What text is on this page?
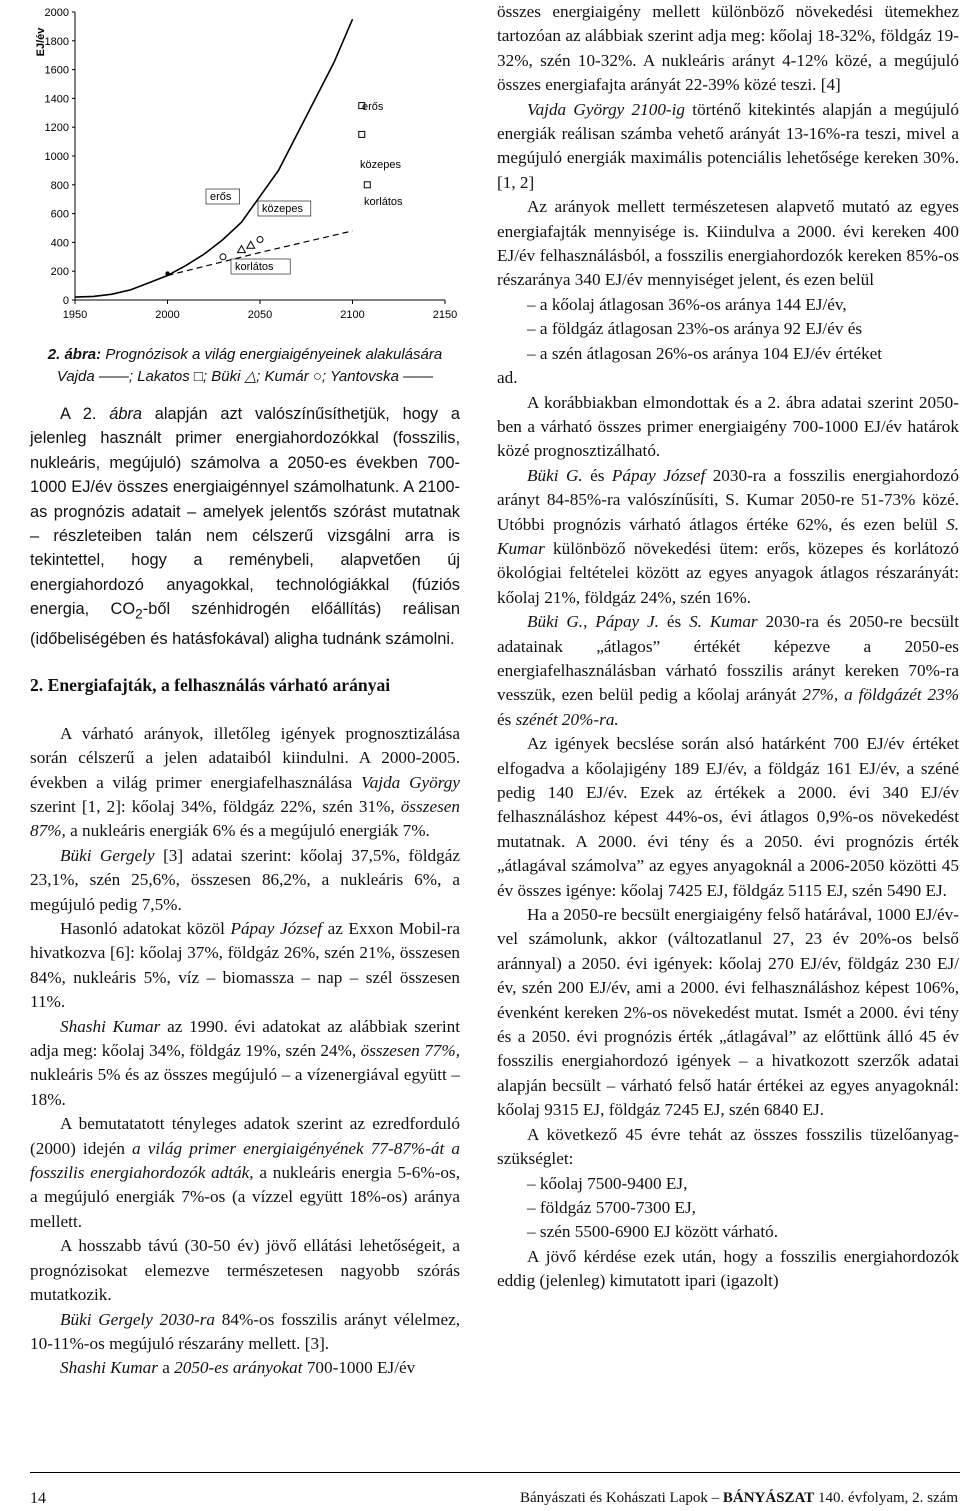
0
200
400
600
800
1000
1200
1400
1600
1800
2000
1950	2000	2050	2100	2150
EJ/év
erős
közepes
korlátos
erős
közepes
korlátos
2. ábra: Prognózisok a világ energiaigényeinek alakulására
Vajda ——; Lakatos □; Büki △; Kumár ○; Yantovska ——

A 2. ábra alapján azt valószínűsíthetjük, hogy a jelenleg használt primer energiahordozókkal (fosszilis, nukleáris, megújuló) számolva a 2050-es években 700-1000 EJ/év összes energiaigénnyel számolhatunk. A 2100-as prognózis adatait – amelyek jelentős szórást mutatnak – részleteiben talán nem célszerű vizsgálni arra is tekintettel, hogy a reménybeli, alapvetően új energiahordozó anyagokkal, technológiákkal (fúziós energia, $CO_2$-ből szénhidrogén előállítás) reálisan (időbeliségében és hatásfokával) aligha tudnánk számolni.

2. Energiafajták, a felhasználás várható arányai

A várható arányok, illetőleg igények prognosztizálása során célszerű a jelen adataiból kiindulni. A 2000-2005. években a világ primer energiafelhasználása Vajda György szerint [1, 2]: kőolaj 34%, földgáz 22%, szén 31%, összesen 87%, a nukleáris energiák 6% és a megújuló energiák 7%.

Büki Gergely [3] adatai szerint: kőolaj 37,5%, földgáz 23,1%, szén 25,6%, összesen 86,2%, a nukleáris 6%, a megújuló pedig 7,5%.

Hasonló adatokat közöl Pápay József az Exxon Mobil-ra hivatkozva [6]: kőolaj 37%, földgáz 26%, szén 21%, összesen 84%, nukleáris 5%, víz – biomassza – nap – szél összesen 11%.

Shashi Kumar az 1990. évi adatokat az alábbiak szerint adja meg: kőolaj 34%, földgáz 19%, szén 24%, összesen 77%, nukleáris 5% és az összes megújuló – a vízenergiával együtt – 18%.

A bemutatatott tényleges adatok szerint az ezredforduló (2000) idején a világ primer energiaigényének 77-87%-át a fosszilis energiahordozók adták, a nukleáris energia 5-6%-os, a megújuló energiák 7%-os (a vízzel együtt 18%-os) aránya mellett.

A hosszabb távú (30-50 év) jövő ellátási lehetőségeit, a prognózisokat elemezve természetesen nagyobb szórás mutatkozik.

Büki Gergely 2030-ra 84%-os fosszilis arányt vélelmez, 10-11%-os megújuló részarány mellett. [3].

Shashi Kumar a 2050-es arányokat 700-1000 EJ/év

összes energiaigény mellett különböző növekedési ütemekhez tartozóan az alábbiak szerint adja meg: kőolaj 18-32%, földgáz 19-32%, szén 10-32%. A nukleáris arányt 4-12% közé, a megújuló összes energiafajta arányát 22-39% közé teszi. [4]

Vajda György 2100-ig történő kitekintés alapján a megújuló energiák reálisan számba vehető arányát 13-16%-ra teszi, mivel a megújuló energiák maximális potenciális lehetősége kereken 30%. [1, 2]

Az arányok mellett természetesen alapvető mutató az egyes energiafajták mennyisége is. Kiindulva a 2000. évi kereken 400 EJ/év felhasználásból, a fosszilis energiahordozók kereken 85%-os részaránya 340 EJ/év mennyiséget jelent, és ezen belül

– a kőolaj átlagosan 36%-os aránya 144 EJ/év,

– a földgáz átlagosan 23%-os aránya 92 EJ/év és

– a szén átlagosan 26%-os aránya 104 EJ/év értéket

ad.

A korábbiakban elmondottak és a 2. ábra adatai szerint 2050-ben a várható összes primer energiaigény 700-1000 EJ/év határok közé prognosztizálható.

Büki G. és Pápay József 2030-ra a fosszilis energiahordozó arányt 84-85%-ra valószínűsíti, S. Kumar 2050-re 51-73% közé. Utóbbi prognózis várható átlagos értéke 62%, és ezen belül S. Kumar különböző növekedési ütem: erős, közepes és korlátozó ökológiai feltételei között az egyes anyagok átlagos részarányát: kőolaj 21%, földgáz 24%, szén 16%.

Büki G., Pápay J. és S. Kumar 2030-ra és 2050-re becsült adatainak „átlagos” értékét képezve a 2050-es energiafelhasználásban várható fosszilis arányt kereken 70%-ra vesszük, ezen belül pedig a kőolaj arányát 27%, a földgázét 23% és szénét 20%-ra.

Az igények becslése során alsó határként 700 EJ/év értéket elfogadva a kőolajigény 189 EJ/év, a földgáz 161 EJ/év, a széné pedig 140 EJ/év. Ezek az értékek a 2000. évi 340 EJ/év felhasználáshoz képest 44%-os, évi átlagos 0,9%-os növekedést mutatnak. A 2000. évi tény és a 2050. évi prognózis érték „átlagával számolva” az egyes anyagoknál a 2006-2050 közötti 45 év összes igénye: kőolaj 7425 EJ, földgáz 5115 EJ, szén 5490 EJ.

Ha a 2050-re becsült energiaigény felső határával, 1000 EJ/év-vel számolunk, akkor (változatlanul 27, 23 év 20%-os belső aránnyal) a 2050. évi igények: kőolaj 270 EJ/év, földgáz 230 EJ/év, szén 200 EJ/év, ami a 2000. évi felhasználáshoz képest 106%, évenként kereken 2%-os növekedést mutat. Ismét a 2000. évi tény és a 2050. évi prognózis érték „átlagával” az előttünk álló 45 év fosszilis energiahordozó igények – a hivatkozott szerzők adatai alapján becsült – várható felső határ értékei az egyes anyagoknál: kőolaj 9315 EJ, földgáz 7245 EJ, szén 6840 EJ.

A következő 45 évre tehát az összes fosszilis tüzelőanyag-szükséglet:

– kőolaj 7500-9400 EJ,

– földgáz 5700-7300 EJ,

– szén 5500-6900 EJ között várható.

A jövő kérdése ezek után, hogy a fosszilis energiahordozók eddig (jelenleg) kimutatott ipari (igazolt)

14	Bányászati és Kohászati Lapok – BÁNYÁSZAT 140. évfolyam, 2. szám
